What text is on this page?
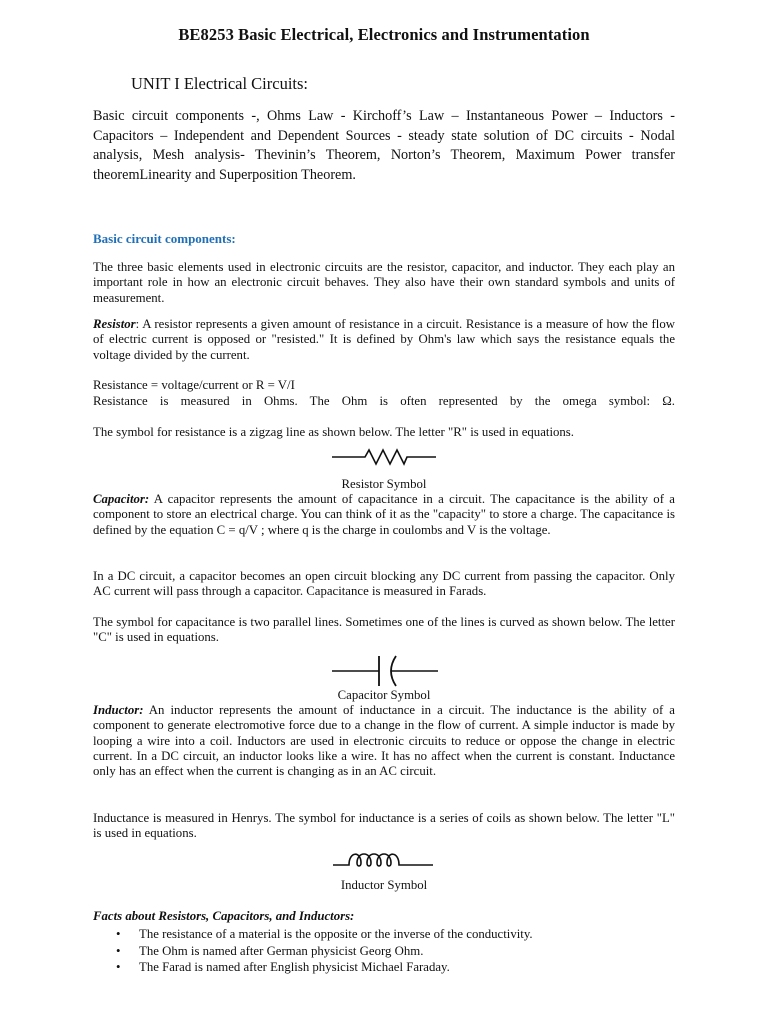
BE8253 Basic Electrical, Electronics and Instrumentation
UNIT I Electrical Circuits:
Basic circuit components -, Ohms Law - Kirchoff’s Law – Instantaneous Power – Inductors - Capacitors – Independent and Dependent Sources - steady state solution of DC circuits - Nodal analysis, Mesh analysis- Thevinin’s Theorem, Norton’s Theorem, Maximum Power transfer theoremLinearity and Superposition Theorem.
Basic circuit components:
The three basic elements used in electronic circuits are the resistor, capacitor, and inductor. They each play an important role in how an electronic circuit behaves. They also have their own standard symbols and units of measurement.
Resistor: A resistor represents a given amount of resistance in a circuit. Resistance is a measure of how the flow of electric current is opposed or "resisted." It is defined by Ohm's law which says the resistance equals the voltage divided by the current.
Resistance = voltage/current or R = V/I
Resistance is measured in Ohms. The Ohm is often represented by the omega symbol: Ω.
The symbol for resistance is a zigzag line as shown below. The letter "R" is used in equations.
Resistor Symbol
Capacitor: A capacitor represents the amount of capacitance in a circuit. The capacitance is the ability of a component to store an electrical charge. You can think of it as the "capacity" to store a charge. The capacitance is defined by the equation C = q/V ; where q is the charge in coulombs and V is the voltage.
In a DC circuit, a capacitor becomes an open circuit blocking any DC current from passing the capacitor. Only AC current will pass through a capacitor. Capacitance is measured in Farads.
The symbol for capacitance is two parallel lines. Sometimes one of the lines is curved as shown below. The letter "C" is used in equations.
Capacitor Symbol
Inductor: An inductor represents the amount of inductance in a circuit. The inductance is the ability of a component to generate electromotive force due to a change in the flow of current. A simple inductor is made by looping a wire into a coil. Inductors are used in electronic circuits to reduce or oppose the change in electric current. In a DC circuit, an inductor looks like a wire. It has no affect when the current is constant. Inductance only has an effect when the current is changing as in an AC circuit.
Inductance is measured in Henrys. The symbol for inductance is a series of coils as shown below. The letter "L" is used in equations.
Inductor Symbol
Facts about Resistors, Capacitors, and Inductors:
• The resistance of a material is the opposite or the inverse of the conductivity.
• The Ohm is named after German physicist Georg Ohm.
• The Farad is named after English physicist Michael Faraday.
